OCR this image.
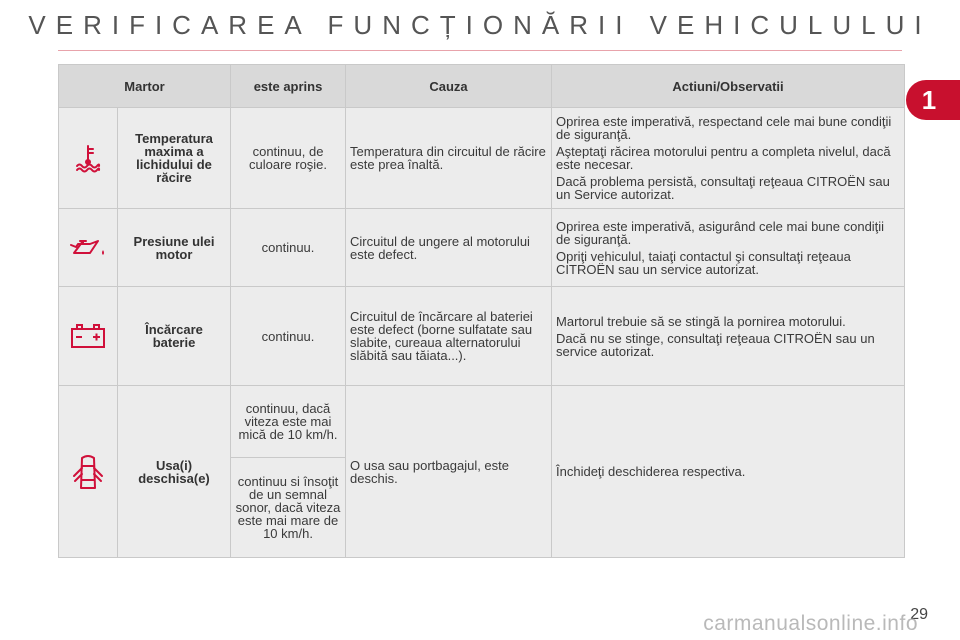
VERIFICAREA FUNCȚIONĂRII VEHICULULUI
1
Martor		este aprins	Cauza	Actiuni/Observatii

	Temperatura maxima a lichidului de răcire	continuu, de culoare roşie.	Temperatura din circuitul de răcire este prea înaltă.	Oprirea este imperativă, respectand cele mai bune condiţii de siguranţă.

Aşteptaţi răcirea motorului pentru a completa nivelul, dacă este necesar.

Dacă problema persistă, consultaţi reţeaua CITROËN sau un Service autorizat.

	Presiune ulei motor	continuu.	Circuitul de ungere al motorului este defect.	Oprirea este imperativă, asigurând cele mai bune condiţii de siguranţă.

Opriţi vehiculul, taiaţi contactul şi consultaţi reţeaua CITROËN sau un service autorizat.

	Încărcare baterie	continuu.	Circuitul de încărcare al bateriei este defect (borne sulfatate sau slabite, cureaua alternatorului slăbită sau tăiata...).	Martorul trebuie să se stingă la pornirea motorului.

Dacă nu se stinge, consultaţi reţeaua CITROËN sau un service autorizat.

	Usa(i) deschisa(e)	continuu, dacă viteza este mai mică de 10 km/h.	O usa sau portbagajul, este deschis.	Închideţi deschiderea respectiva.

		continuu si însoţit de un semnal sonor, dacă viteza este mai mare de 10 km/h.		
29
carmanualsonline.info
